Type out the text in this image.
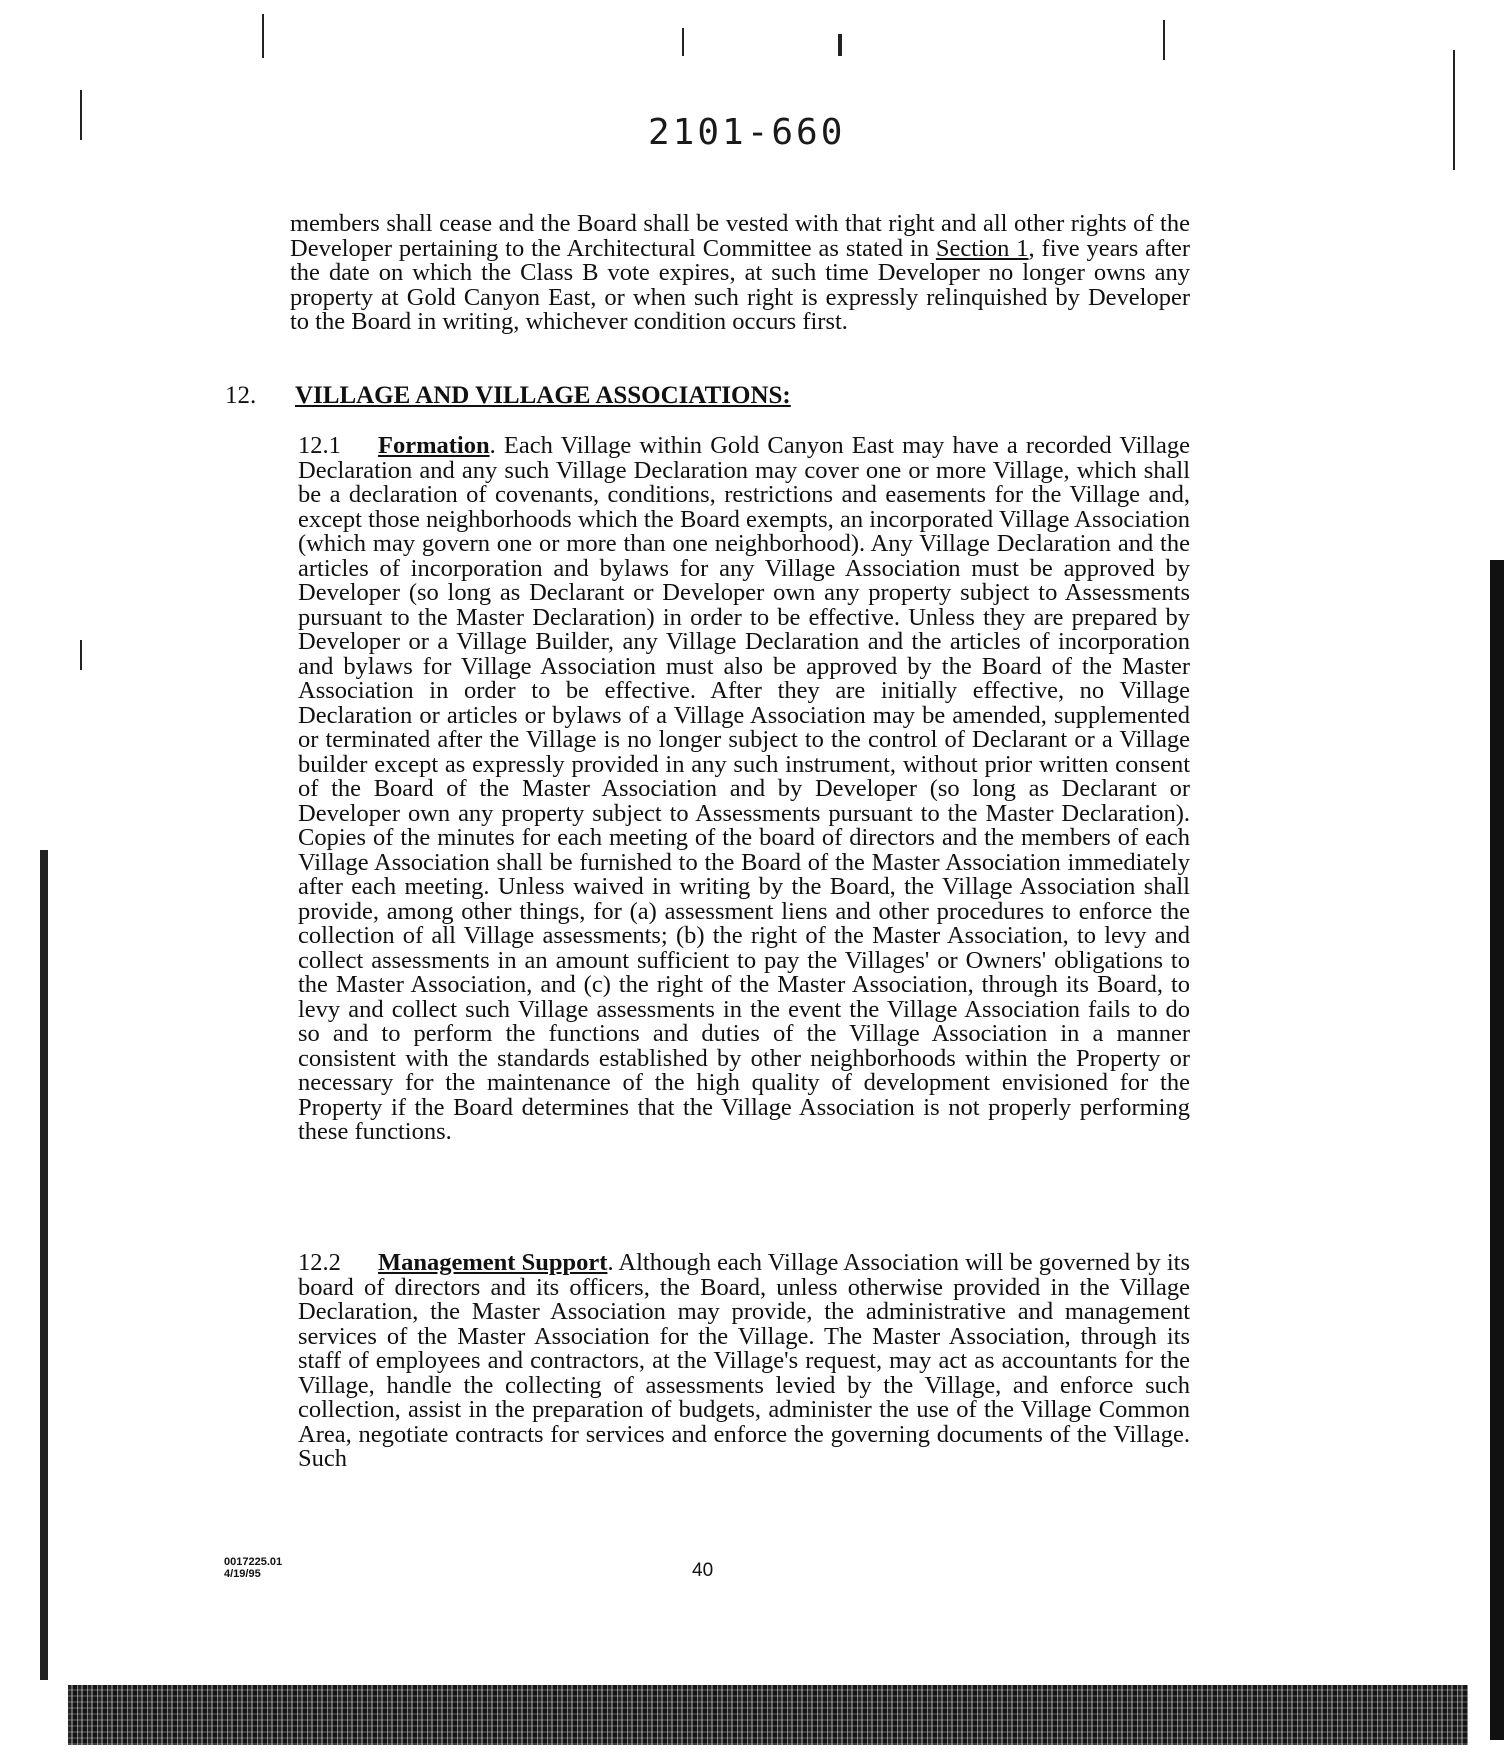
2101-660

members shall cease and the Board shall be vested with that right and all other rights of the Developer pertaining to the Architectural Committee as stated in Section 1, five years after the date on which the Class B vote expires, at such time Developer no longer owns any property at Gold Canyon East, or when such right is expressly relinquished by Developer to the Board in writing, whichever condition occurs first.

12. VILLAGE AND VILLAGE ASSOCIATIONS:

12.1 Formation. Each Village within Gold Canyon East may have a recorded Village Declaration and any such Village Declaration may cover one or more Village, which shall be a declaration of covenants, conditions, restrictions and easements for the Village and, except those neighborhoods which the Board exempts, an incorporated Village Association (which may govern one or more than one neighborhood). Any Village Declaration and the articles of incorporation and bylaws for any Village Association must be approved by Developer (so long as Declarant or Developer own any property subject to Assessments pursuant to the Master Declaration) in order to be effective. Unless they are prepared by Developer or a Village Builder, any Village Declaration and the articles of incorporation and bylaws for Village Association must also be approved by the Board of the Master Association in order to be effective. After they are initially effective, no Village Declaration or articles or bylaws of a Village Association may be amended, supplemented or terminated after the Village is no longer subject to the control of Declarant or a Village builder except as expressly provided in any such instrument, without prior written consent of the Board of the Master Association and by Developer (so long as Declarant or Developer own any property subject to Assessments pursuant to the Master Declaration). Copies of the minutes for each meeting of the board of directors and the members of each Village Association shall be furnished to the Board of the Master Association immediately after each meeting. Unless waived in writing by the Board, the Village Association shall provide, among other things, for (a) assessment liens and other procedures to enforce the collection of all Village assessments; (b) the right of the Master Association, to levy and collect assessments in an amount sufficient to pay the Villages' or Owners' obligations to the Master Association, and (c) the right of the Master Association, through its Board, to levy and collect such Village assessments in the event the Village Association fails to do so and to perform the functions and duties of the Village Association in a manner consistent with the standards established by other neighborhoods within the Property or necessary for the maintenance of the high quality of development envisioned for the Property if the Board determines that the Village Association is not properly performing these functions.

12.2 Management Support. Although each Village Association will be governed by its board of directors and its officers, the Board, unless otherwise provided in the Village Declaration, the Master Association may provide, the administrative and management services of the Master Association for the Village. The Master Association, through its staff of employees and contractors, at the Village's request, may act as accountants for the Village, handle the collecting of assessments levied by the Village, and enforce such collection, assist in the preparation of budgets, administer the use of the Village Common Area, negotiate contracts for services and enforce the governing documents of the Village. Such

0017225.01
4/19/95	40
